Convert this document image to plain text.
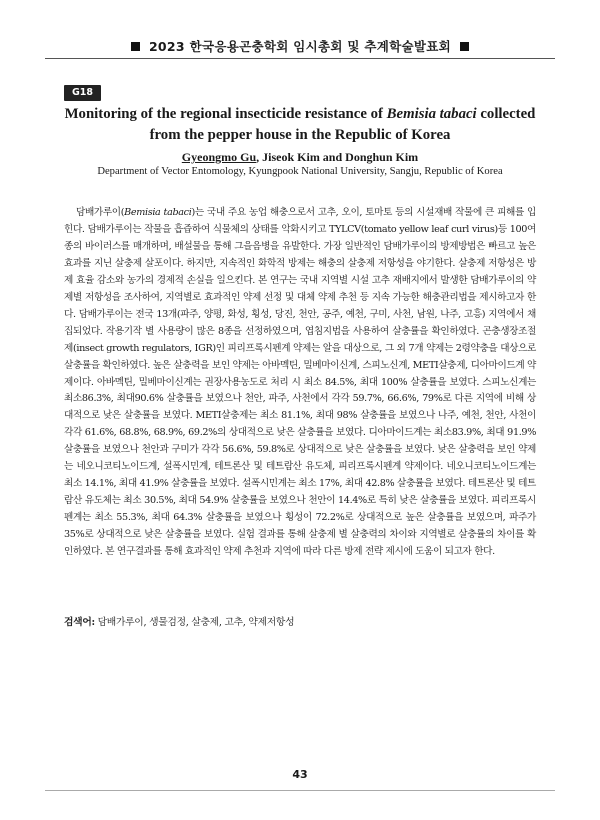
2023 한국응용곤충학회 임시총회 및 추계학술발표회
G18
Monitoring of the regional insecticide resistance of Bemisia tabaci collected from the pepper house in the Republic of Korea
Gyeongmo Gu, Jiseok Kim and Donghun Kim
Department of Vector Entomology, Kyungpook National University, Sangju, Republic of Korea

담배가루이(Bemisia tabaci)는 국내 주요 농업 해충으로서 고추, 오이, 토마토 등의 시설재배 작물에 큰 피해를 입힌다. 담배가루이는 작물을 흡즙하여 식물체의 상태를 악화시키고 TYLCV(tomato yellow leaf curl virus)등 100여 종의 바이러스를 매개하며, 배설물을 통해 그을음병을 유발한다. 가장 일반적인 담배가루이의 방제방법은 빠르고 높은 효과를 지닌 살충제 살포이다. 하지만, 지속적인 화학적 방제는 해충의 살충제 저항성을 야기한다. 살충제 저항성은 방제 효율 감소와 농가의 경제적 손실을 일으킨다. 본 연구는 국내 지역별 시설 고추 재배지에서 발생한 담배가루이의 약제별 저항성을 조사하여, 지역별로 효과적인 약제 선정 및 대체 약제 추천 등 지속 가능한 해충관리법을 제시하고자 한다. 담배가루이는 전국 13개(파주, 양평, 화성, 횡성, 당진, 천안, 공주, 예천, 구미, 사천, 남원, 나주, 고흥) 지역에서 채집되었다. 작용기작 별 사용량이 많은 8종을 선정하였으며, 엽침지법을 사용하여 살충률을 확인하였다. 곤충생장조절제(insect growth regulators, IGR)인 피리프록시펜계 약제는 알을 대상으로, 그 외 7개 약제는 2령약충을 대상으로 살충률을 확인하였다. 높은 살충력을 보인 약제는 아바멕틴, 밀베마이신계, 스피노신계, METI살충제, 디아마이드계 약제이다. 아바멕틴, 밀베마이신계는 권장사용농도로 처리 시 최소 84.5%, 최대 100% 살충률을 보였다. 스피노신계는 최소86.3%, 최대90.6% 살충률을 보였으나 천안, 파주, 사천에서 각각 59.7%, 66.6%, 79%로 다른 지역에 비해 상대적으로 낮은 살충률을 보였다. METI살충제는 최소 81.1%, 최대 98% 살충률을 보였으나 나주, 예천, 천안, 사천이 각각 61.6%, 68.8%, 68.9%, 69.2%의 상대적으로 낮은 살충률을 보였다. 디아마이드계는 최소83.9%, 최대 91.9% 살충률을 보였으나 천안과 구미가 각각 56.6%, 59.8%로 상대적으로 낮은 살충률을 보였다. 낮은 살충력을 보인 약제는 네오니코티노이드계, 설폭시민계, 테트론산 및 테트람산 유도체, 피리프록시펜계 약제이다. 네오니코티노이드계는 최소 14.1%, 최대 41.9% 살충률을 보였다. 설폭시민계는 최소 17%, 최대 42.8% 살충률을 보였다. 테트론산 및 테트람산 유도체는 최소 30.5%, 최대 54.9% 살충률을 보였으나 천안이 14.4%로 특히 낮은 살충률을 보였다. 피리프록시펜계는 최소 55.3%, 최대 64.3% 살충률을 보였으나 횡성이 72.2%로 상대적으로 높은 살충률을 보였으며, 파주가 35%로 상대적으로 낮은 살충률을 보였다. 실험 결과를 통해 살충제 별 살충력의 차이와 지역별로 살충률의 차이를 확인하였다. 본 연구결과를 통해 효과적인 약제 추천과 지역에 따라 다른 방제 전략 제시에 도움이 되고자 한다.

검색어: 담배가루이, 생물검정, 살충제, 고추, 약제저항성
43
